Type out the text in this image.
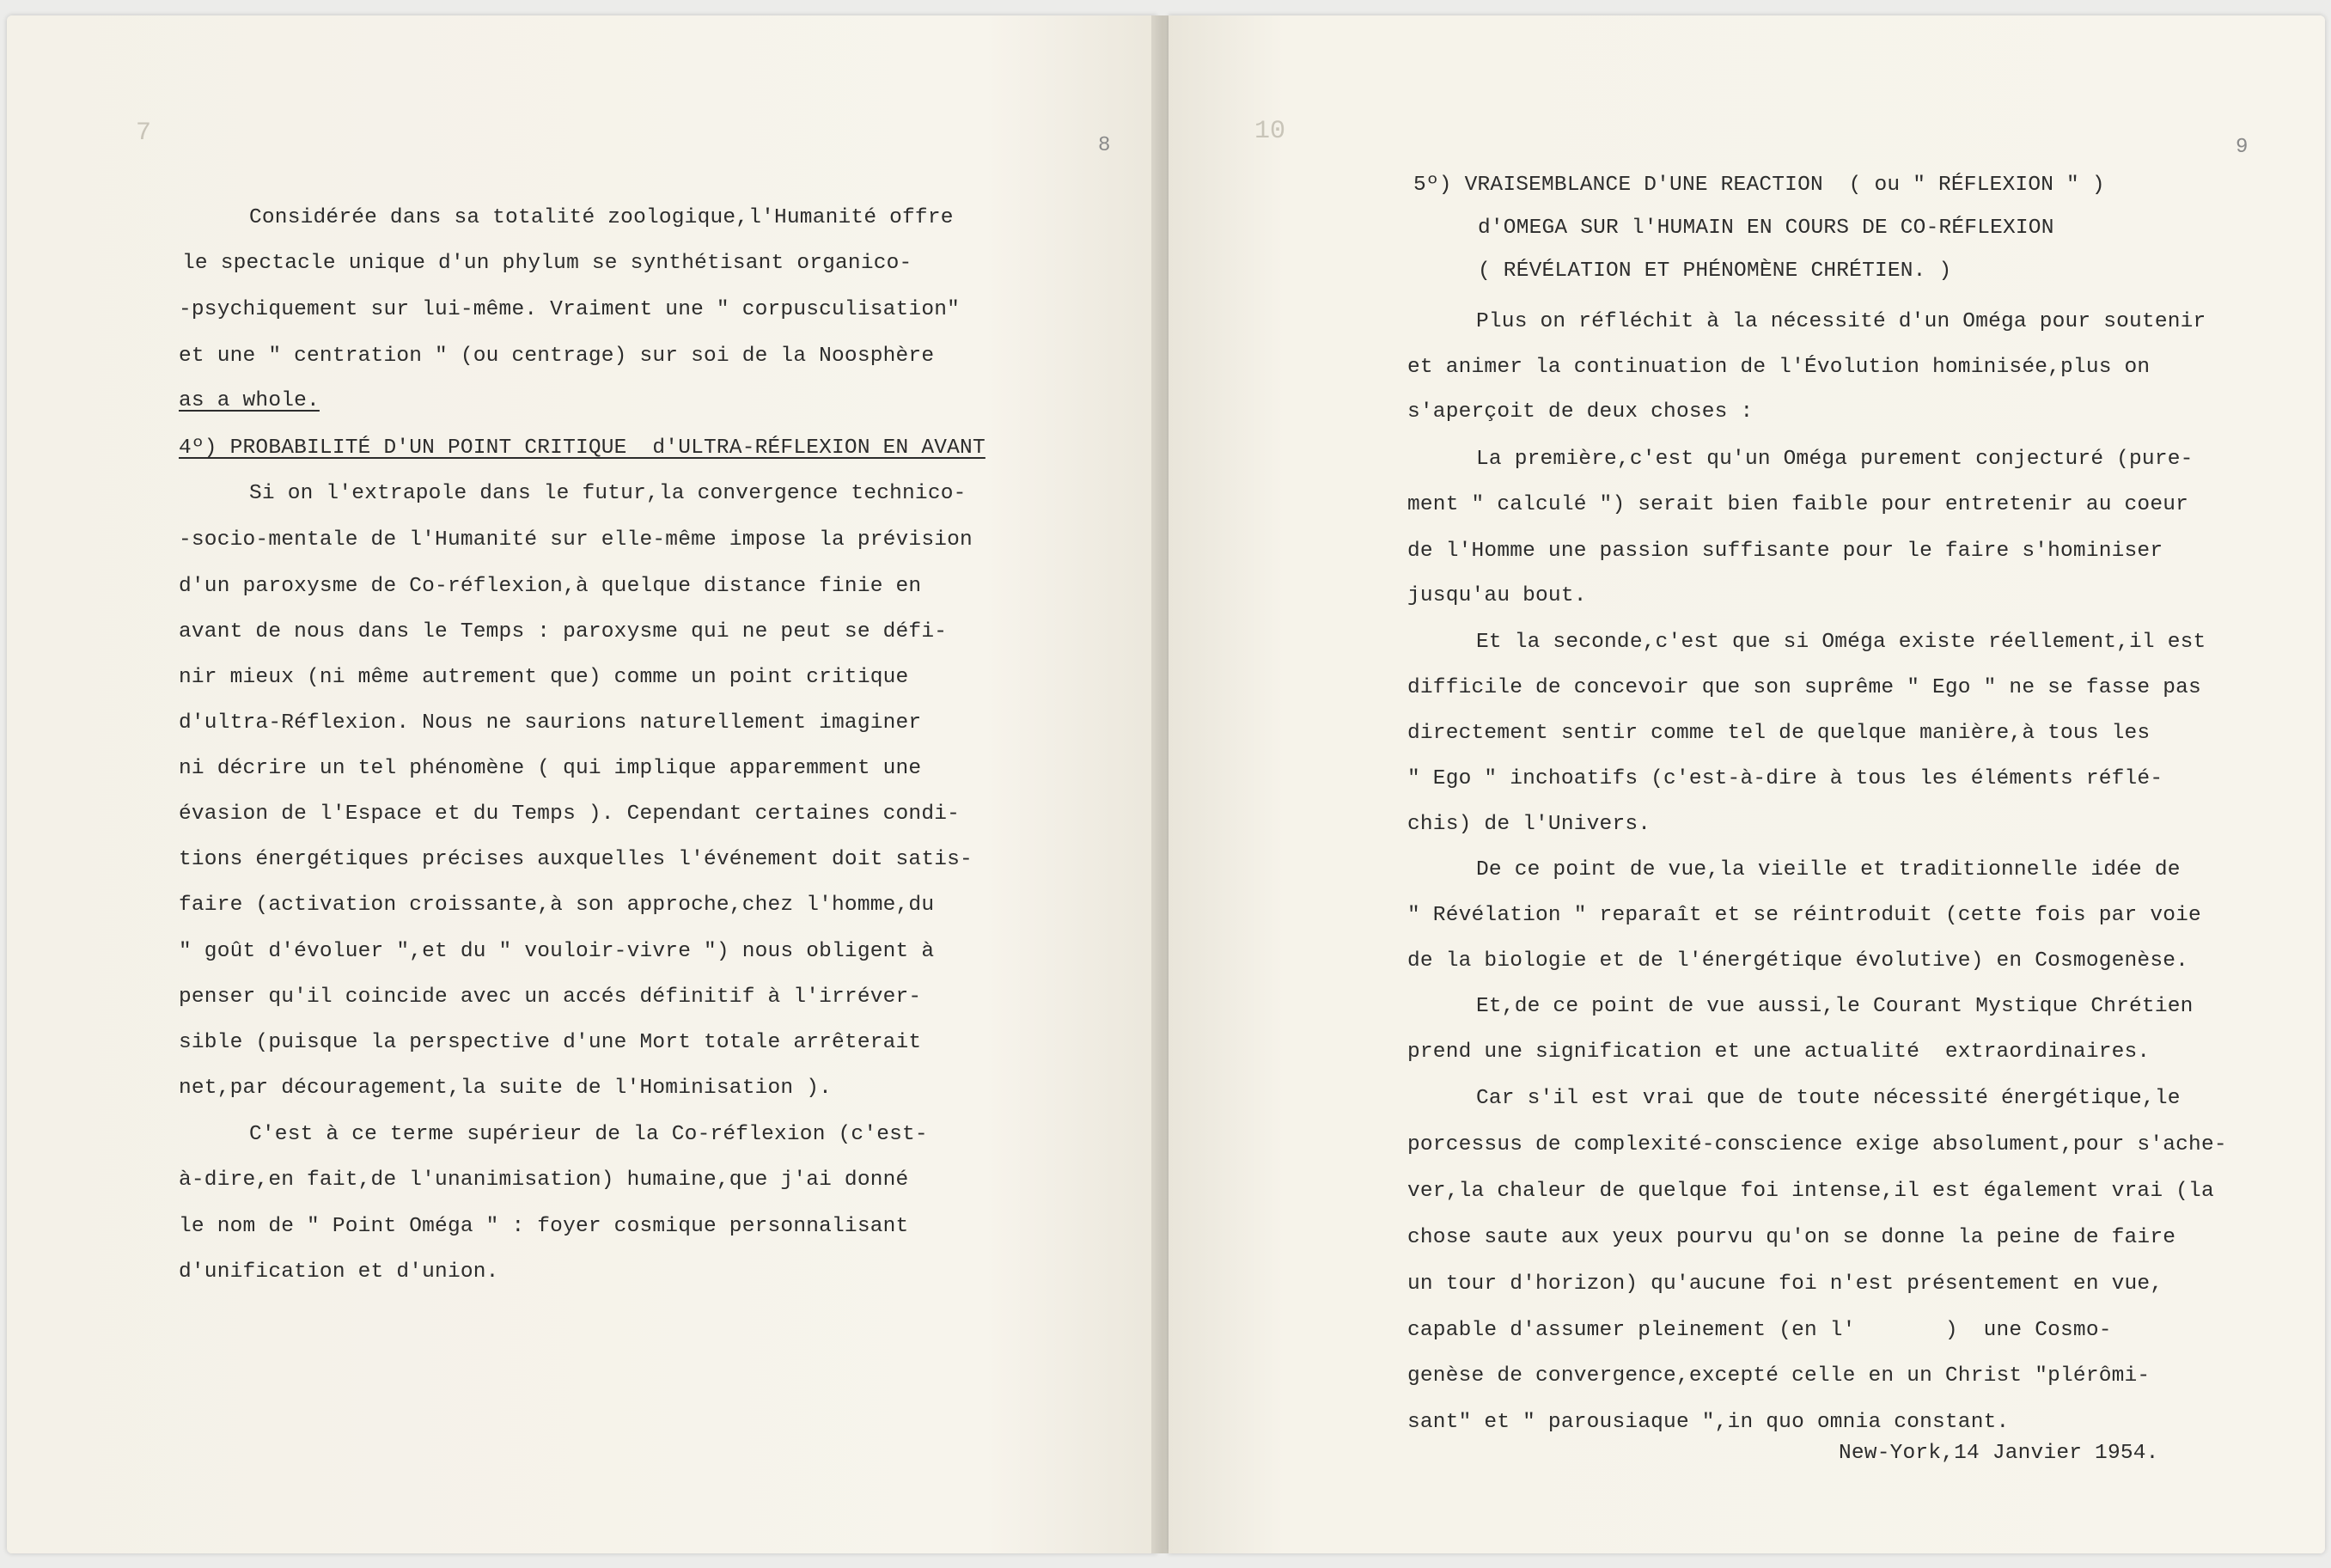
7	8
Considérée dans sa totalité zoologique,l'Humanité offre
le spectacle unique d'un phylum se synthétisant organico-
-psychiquement sur lui-même. Vraiment une " corpusculisation"
et une " centration " (ou centrage) sur soi de la Noosphère
as a whole.
4º) PROBABILITÉ D'UN POINT CRITIQUE  d'ULTRA-RÉFLEXION EN AVANT
Si on l'extrapole dans le futur,la convergence technico-
-socio-mentale de l'Humanité sur elle-même impose la prévision
d'un paroxysme de Co-réflexion,à quelque distance finie en
avant de nous dans le Temps : paroxysme qui ne peut se défi-
nir mieux (ni même autrement que) comme un point critique
d'ultra-Réflexion. Nous ne saurions naturellement imaginer
ni décrire un tel phénomène ( qui implique apparemment une
évasion de l'Espace et du Temps ). Cependant certaines condi-
tions énergétiques précises auxquelles l'événement doit satis-
faire (activation croissante,à son approche,chez l'homme,du
" goût d'évoluer ",et du " vouloir-vivre ") nous obligent à
penser qu'il coincide avec un accés définitif à l'irréver-
sible (puisque la perspective d'une Mort totale arrêterait
net,par découragement,la suite de l'Hominisation ).
C'est à ce terme supérieur de la Co-réflexion (c'est-
à-dire,en fait,de l'unanimisation) humaine,que j'ai donné
le nom de " Point Oméga " : foyer cosmique personnalisant
d'unification et d'union.
10
9
5º) VRAISEMBLANCE D'UNE REACTION  ( ou " RÉFLEXION " )
d'OMEGA SUR l'HUMAIN EN COURS DE CO-RÉFLEXION
( RÉVÉLATION ET PHÉNOMÈNE CHRÉTIEN. )
Plus on réfléchit à la nécessité d'un Oméga pour soutenir
et animer la continuation de l'Évolution hominisée,plus on
s'aperçoit de deux choses :
La première,c'est qu'un Oméga purement conjecturé (pure-
ment " calculé ") serait bien faible pour entretenir au coeur
de l'Homme une passion suffisante pour le faire s'hominiser
jusqu'au bout.
Et la seconde,c'est que si Oméga existe réellement,il est
difficile de concevoir que son suprême " Ego " ne se fasse pas
directement sentir comme tel de quelque manière,à tous les
" Ego " inchoatifs (c'est-à-dire à tous les éléments réflé-
chis) de l'Univers.
De ce point de vue,la vieille et traditionnelle idée de
" Révélation " reparaît et se réintroduit (cette fois par voie
de la biologie et de l'énergétique évolutive) en Cosmogenèse.
Et,de ce point de vue aussi,le Courant Mystique Chrétien
prend une signification et une actualité  extraordinaires.
Car s'il est vrai que de toute nécessité énergétique,le
porcessus de complexité-conscience exige absolument,pour s'ache-
ver,la chaleur de quelque foi intense,il est également vrai (la
chose saute aux yeux pourvu qu'on se donne la peine de faire
un tour d'horizon) qu'aucune foi n'est présentement en vue,
capable d'assumer pleinement (en l'       )  une Cosmo-
genèse de convergence,excepté celle en un Christ "plérômi-
sant" et " parousiaque ",in quo omnia constant.
New-York,14 Janvier 1954.
